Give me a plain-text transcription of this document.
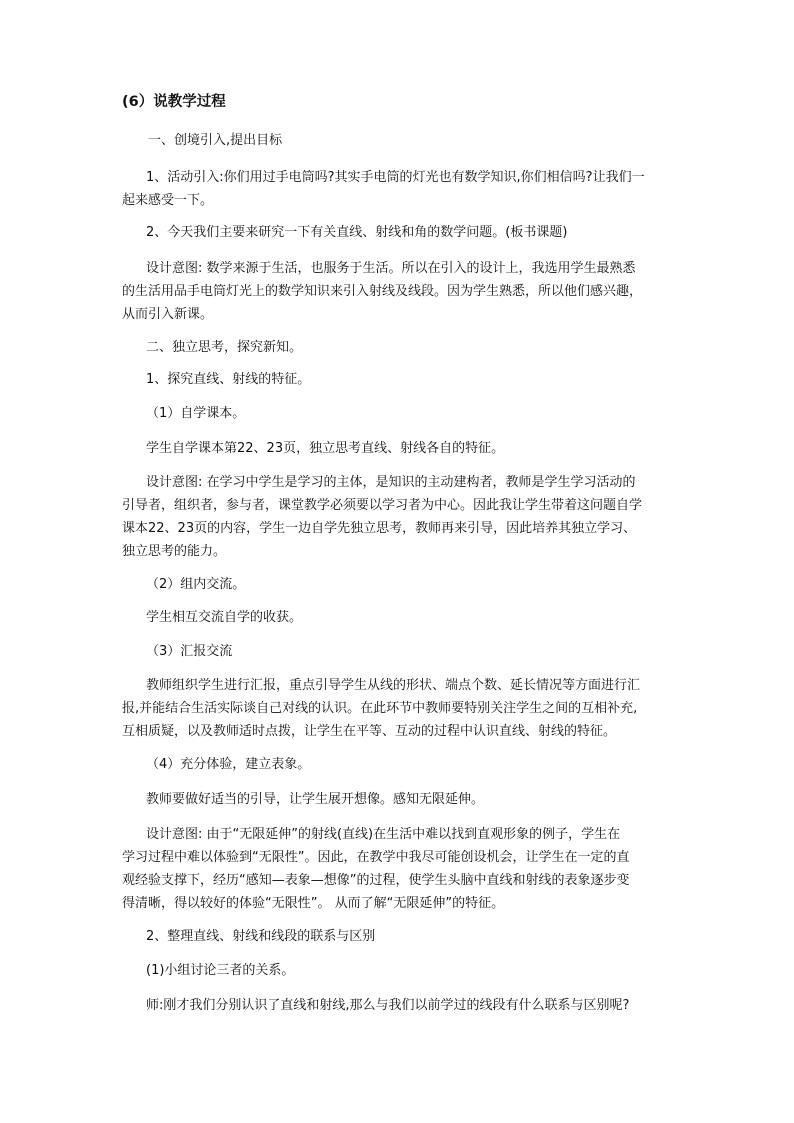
(6）说教学过程
一、创境引入,提出目标
1、活动引入:你们用过手电筒吗?其实手电筒的灯光也有数学知识,你们相信吗?让我们一
起来感受一下。
2、今天我们主要来研究一下有关直线、射线和角的数学问题。(板书课题)
设计意图: 数学来源于生活，也服务于生活。所以在引入的设计上，我选用学生最熟悉
的生活用品手电筒灯光上的数学知识来引入射线及线段。因为学生熟悉，所以他们感兴趣，
从而引入新课。
二、独立思考，探究新知。
1、探究直线、射线的特征。
（1）自学课本。
学生自学课本第22、23页，独立思考直线、射线各自的特征。
设计意图: 在学习中学生是学习的主体，是知识的主动建构者，教师是学生学习活动的
引导者，组织者，参与者，课堂教学必须要以学习者为中心。因此我让学生带着这问题自学
课本22、23页的内容，学生一边自学先独立思考，教师再来引导，因此培养其独立学习、
独立思考的能力。
（2）组内交流。
学生相互交流自学的收获。
（3）汇报交流
教师组织学生进行汇报，重点引导学生从线的形状、端点个数、延长情况等方面进行汇
报,并能结合生活实际谈自己对线的认识。在此环节中教师要特别关注学生之间的互相补充,
互相质疑，以及教师适时点拨，让学生在平等、互动的过程中认识直线、射线的特征。
（4）充分体验，建立表象。
教师要做好适当的引导，让学生展开想像。感知无限延伸。
设计意图: 由于“无限延伸”的射线(直线)在生活中难以找到直观形象的例子，学生在
学习过程中难以体验到“无限性”。因此，在教学中我尽可能创设机会，让学生在一定的直
观经验支撑下，经历“感知—表象—想像”的过程，使学生头脑中直线和射线的表象逐步变
得清晰，得以较好的体验“无限性”。 从而了解“无限延伸”的特征。
2、整理直线、射线和线段的联系与区别
(1)小组讨论三者的关系。
师:刚才我们分别认识了直线和射线,那么与我们以前学过的线段有什么联系与区别呢?
